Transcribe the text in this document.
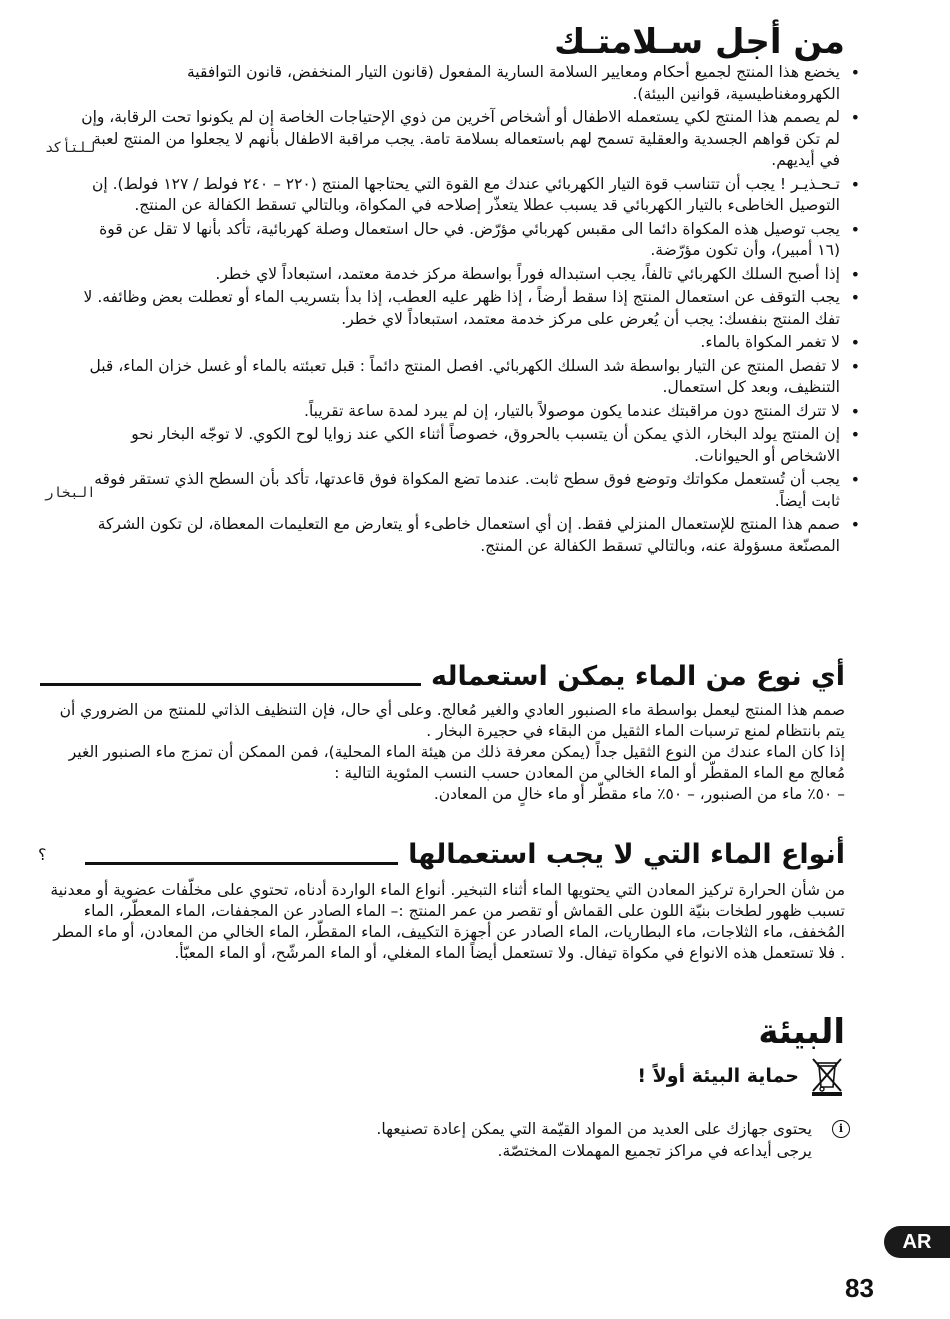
من أجل سـلامتـك
• يخضع هذا المنتج لجميع أحكام ومعايير السلامة السارية المفعول (قانون التيار المنخفض، قانون التوافقية الكهرومغناطيسية، قوانين البيئة).
• لم يصمم هذا المنتج لكي يستعمله الاطفال أو أشخاص آخرين من ذوي الإحتياجات الخاصة إن لم يكونوا تحت الرقابة، وإن لم تكن قواهم الجسدية والعقلية تسمح لهم باستعماله بسلامة تامة. يجب مراقبة الاطفال بأنهم لا يجعلوا من المنتج لعبة في أيديهم.
• تـحـذيـر ! يجب أن تتناسب قوة التيار الكهربائي عندك مع القوة التي يحتاجها المنتج (٢٢٠ – ٢٤٠ فولط / ١٢٧ فولط). إن التوصيل الخاطىء بالتيار الكهربائي قد يسبب عطلا يتعذّر إصلاحه في المكواة، وبالتالي تسقط الكفالة عن المنتج.
• يجب توصيل هذه المكواة دائما الى مقبس كهربائي مؤرّض. في حال استعمال وصلة كهربائية، تأكد بأنها لا تقل عن قوة (١٦ أمبير)، وأن تكون مؤرّضة.
• إذا أصبح السلك الكهربائي تالفاً، يجب استبداله فوراً بواسطة مركز خدمة معتمد، استبعاداً لاي خطر.
• يجب التوقف عن استعمال المنتج إذا سقط أرضاً ، إذا ظهر عليه العطب، إذا بدأ بتسريب الماء أو تعطلت بعض وظائفه. لا تفك المنتج بنفسك: يجب أن يُعرض على مركز خدمة معتمد، استبعاداً لاي خطر.
• لا تغمر المكواة بالماء.
• لا تفصل المنتج عن التيار بواسطة شد السلك الكهربائي. افصل المنتج دائماً : قبل تعبئته بالماء أو غسل خزان الماء، قبل التنظيف، وبعد كل استعمال.
• لا تترك المنتج دون مراقبتك عندما يكون موصولاً بالتيار، إن لم يبرد لمدة ساعة تقريباً.
• إن المنتج يولد البخار، الذي يمكن أن يتسبب بالحروق، خصوصاً أثناء الكي عند زوايا لوح الكوي. لا توجّه البخار نحو الاشخاص أو الحيوانات.
• يجب أن تُستعمل مكواتك وتوضع فوق سطح ثابت. عندما تضع المكواة فوق قاعدتها، تأكد بأن السطح الذي تستقر فوقه ثابت أيضاً.
• صمم هذا المنتج للإستعمال المنزلي فقط. إن أي استعمال خاطىء أو يتعارض مع التعليمات المعطاة، لن تكون الشركة المصنّعة مسؤولة عنه، وبالتالي تسقط الكفالة عن المنتج.
للتأكد
البخار
أي نوع من الماء يمكن استعماله
صمم هذا المنتج ليعمل بواسطة ماء الصنبور العادي والغير مُعالج. وعلى أي حال، فإن التنظيف الذاتي للمنتج من الضروري أن يتم بانتظام لمنع ترسبات الماء الثقيل من البقاء في حجيرة البخار .
إذا كان الماء عندك من النوع الثقيل جداً (يمكن معرفة ذلك من هيئة الماء المحلية)، فمن الممكن أن تمزج ماء الصنبور الغير مُعالج مع الماء المقطّر أو الماء الخالي من المعادن حسب النسب المئوية التالية :
– ٥٠٪ ماء من الصنبور، – ٥٠٪ ماء مقطّر أو ماء خالٍ من المعادن.
أنواع الماء التي لا يجب استعمالها
؟
من شأن الحرارة تركيز المعادن التي يحتويها الماء أثناء التبخير. أنواع الماء الواردة أدناه، تحتوي على مخلّفات عضوية أو معدنية تسبب ظهور لطخات بنيّة اللون على القماش أو تقصر من عمر المنتج :– الماء الصادر عن المجففات، الماء المعطّر، الماء المُخفف، ماء الثلاجات، ماء البطاريات، الماء الصادر عن أجهزة التكييف، الماء المقطّر، الماء الخالي من المعادن، أو ماء المطر . فلا تستعمل هذه الانواع في مكواة تيفال. ولا تستعمل أيضاً الماء المغلي، أو الماء المرشّح، أو الماء المعبّأ.
البيئة
حماية البيئة أولاً !
i
يحتوى جهازك على العديد من المواد القيّمة التي يمكن إعادة تصنيعها.
يرجى أيداعه في مراكز تجميع المهملات المختصّة.
AR
83
